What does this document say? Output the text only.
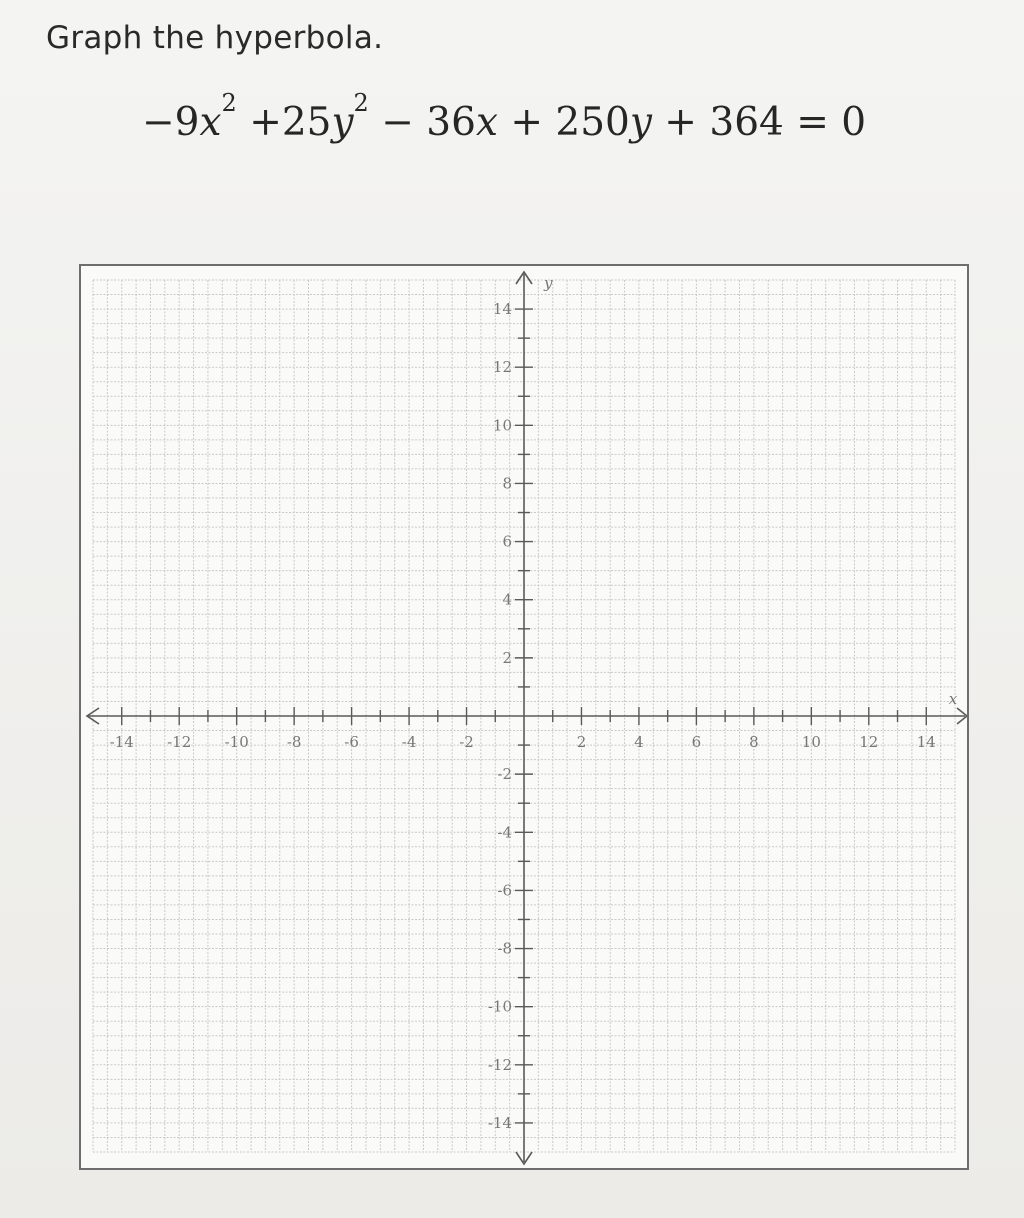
Graph the hyperbola.
$-9x^2 +25y^2 - 36x + 250y + 364 = 0$
-14 -12 -10	-8	-6	-4	-2	2	4	6	8	10	12	14
14
12
10
8
6
4
2
-2
-4
-6
-8
-10
-12
-14
x
y
